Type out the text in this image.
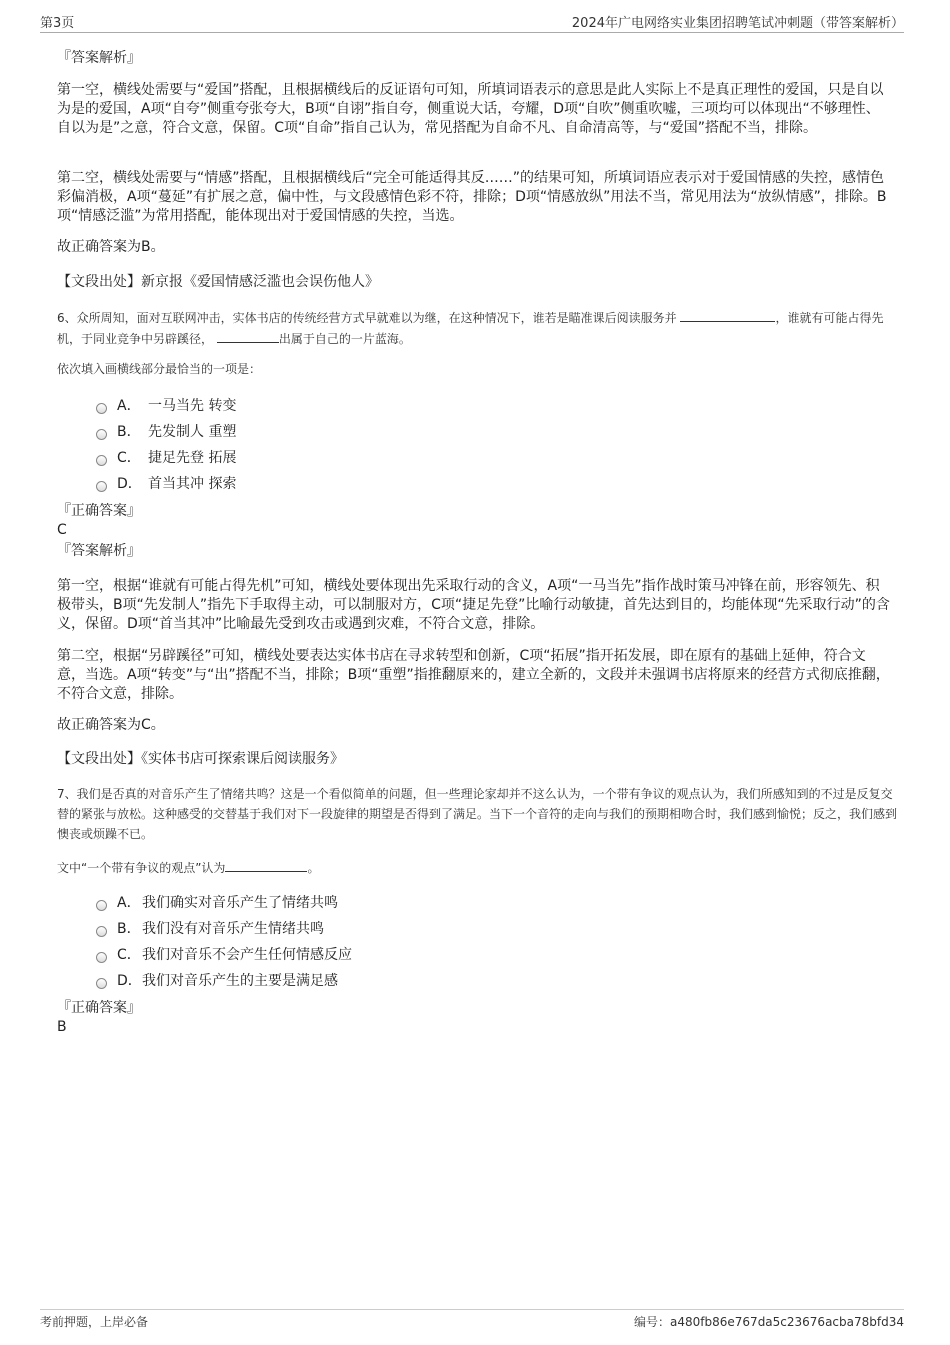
第3页	2024年广电网络实业集团招聘笔试冲刺题（带答案解析）
『答案解析』
第一空，横线处需要与“爱国”搭配，且根据横线后的反证语句可知，所填词语表示的意思是此人实际上不是真正理性的爱国，只是自以为是的爱国，A项“自夸”侧重夸张夸大，B项“自诩”指自夸，侧重说大话，夸耀，D项“自吹”侧重吹嘘，三项均可以体现出“不够理性、自以为是”之意，符合文意，保留。C项“自命”指自己认为，常见搭配为自命不凡、自命清高等，与“爱国”搭配不当，排除。
第二空，横线处需要与“情感”搭配，且根据横线后“完全可能适得其反……”的结果可知，所填词语应表示对于爱国情感的失控，感情色彩偏消极，A项“蔓延”有扩展之意，偏中性，与文段感情色彩不符，排除；D项“情感放纵”用法不当，常见用法为“放纵情感”，排除。B项“情感泛滥”为常用搭配，能体现出对于爱国情感的失控，当选。
故正确答案为B。
【文段出处】新京报《爱国情感泛滥也会误伤他人》
6、众所周知，面对互联网冲击，实体书店的传统经营方式早就难以为继，在这种情况下，谁若是瞄准课后阅读服务并	，谁就有可能占得先机，于同业竞争中另辟蹊径，	出属于自己的一片蓝海。
依次填入画横线部分最恰当的一项是：
A． 一马当先 转变
B． 先发制人 重塑
C． 捷足先登 拓展
D． 首当其冲 探索
『正确答案』
C
『答案解析』
第一空，根据“谁就有可能占得先机”可知，横线处要体现出先采取行动的含义，A项“一马当先”指作战时策马冲锋在前，形容领先、积极带头，B项“先发制人”指先下手取得主动，可以制服对方，C项“捷足先登”比喻行动敏捷，首先达到目的，均能体现“先采取行动”的含义，保留。D项“首当其冲”比喻最先受到攻击或遇到灾难，不符合文意，排除。
第二空，根据“另辟蹊径”可知，横线处要表达实体书店在寻求转型和创新，C项“拓展”指开拓发展，即在原有的基础上延伸，符合文意，当选。A项“转变”与“出”搭配不当，排除；B项“重塑”指推翻原来的，建立全新的，文段并未强调书店将原来的经营方式彻底推翻，不符合文意，排除。
故正确答案为C。
【文段出处】《实体书店可探索课后阅读服务》
7、我们是否真的对音乐产生了情绪共鸣？这是一个看似简单的问题，但一些理论家却并不这么认为，一个带有争议的观点认为，我们所感知到的不过是反复交替的紧张与放松。这种感受的交替基于我们对下一段旋律的期望是否得到了满足。当下一个音符的走向与我们的预期相吻合时，我们感到愉悦；反之，我们感到懊丧或烦躁不已。
文中“一个带有争议的观点”认为	。
A． 我们确实对音乐产生了情绪共鸣
B． 我们没有对音乐产生情绪共鸣
C． 我们对音乐不会产生任何情感反应
D． 我们对音乐产生的主要是满足感
『正确答案』
B
考前押题，上岸必备	编号：a480fb86e767da5c23676acba78bfd34
